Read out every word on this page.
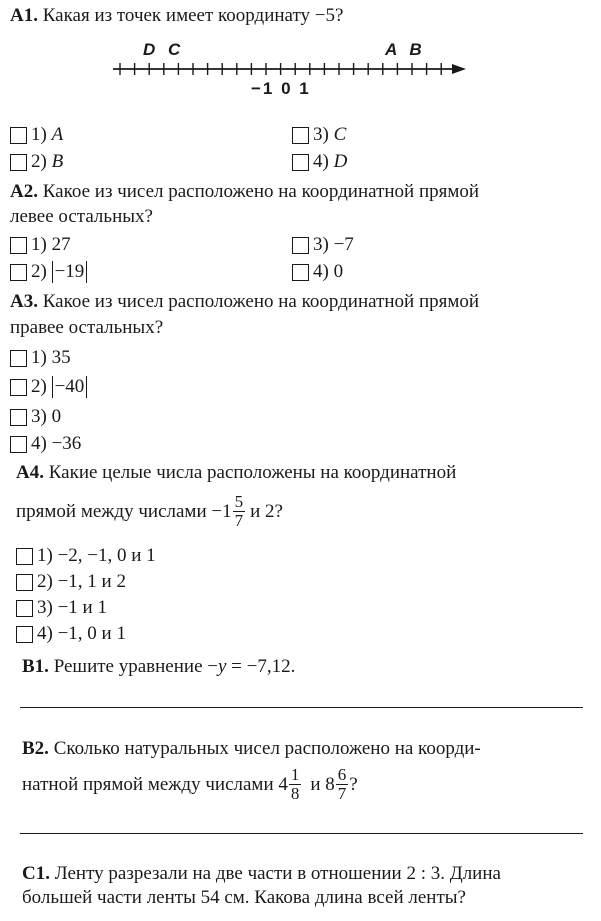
A1. Какая из точек имеет координату −5?
D C	A B
−1 0 1
1)
A
2)
B
3)
C
4)
D
A2. Какое из чисел расположено на координатной прямой
левее остальных?
1)
27
2)
−19
3)
−7
4)
0
A3. Какое из чисел расположено на координатной прямой
правее остальных?
1)
35
2)
−40
3)
0
4)
−36
A4. Какие целые числа расположены на координатной
прямой между числами $-1 \frac{5}{7}$ и 2?
1)
−2, −1, 0 и 1
2)
−1, 1 и 2
3)
−1 и 1
4)
−1, 0 и 1
B1. Решите уравнение −y = −7,12.
B2. Сколько натуральных чисел расположено на коорди-
натной прямой между числами $4 \frac{1}{8}$ и $8 \frac{6}{7}$ ?
C1. Ленту разрезали на две части в отношении 2 : 3. Длина
большей части ленты 54 см. Какова длина всей ленты?
